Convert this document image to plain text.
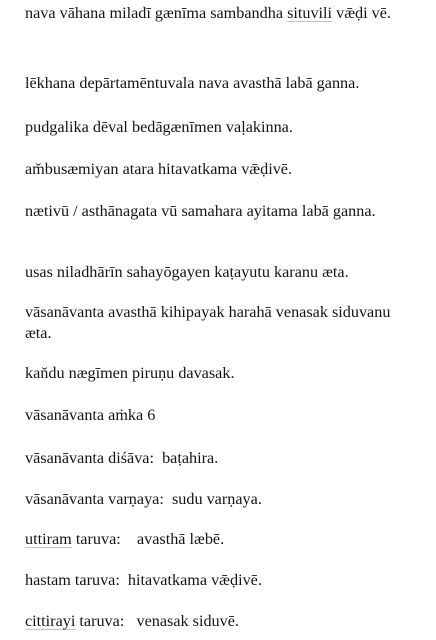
nava vāhana miladī gænīma sambandha situvili vǣḍi vē.

lēkhana depārtamēntuvala nava avasthā labā ganna.

pudgalika dēval bedāgænīmen vaḷakinna.

am̆busæmiyan atara hitavatkama vǣḍivē.

nætivū / asthānagata vū samahara ayitama labā ganna.

usas niladhārīn sahayōgayen kaṭayutu karanu æta.

vāsanāvanta avasthā kihipayak harahā venasak siduvanu æta.

kan̆du nægīmen piruṇu davasak.

vāsanāvanta aṁka 6

vāsanāvanta diśāva:  baṭahira.

vāsanāvanta varṇaya:  sudu varṇaya.

uttiram taruva:    avasthā læbē.

hastam taruva:  hitavatkama vǣḍivē.

cittirayi taruva:   venasak siduvē.
